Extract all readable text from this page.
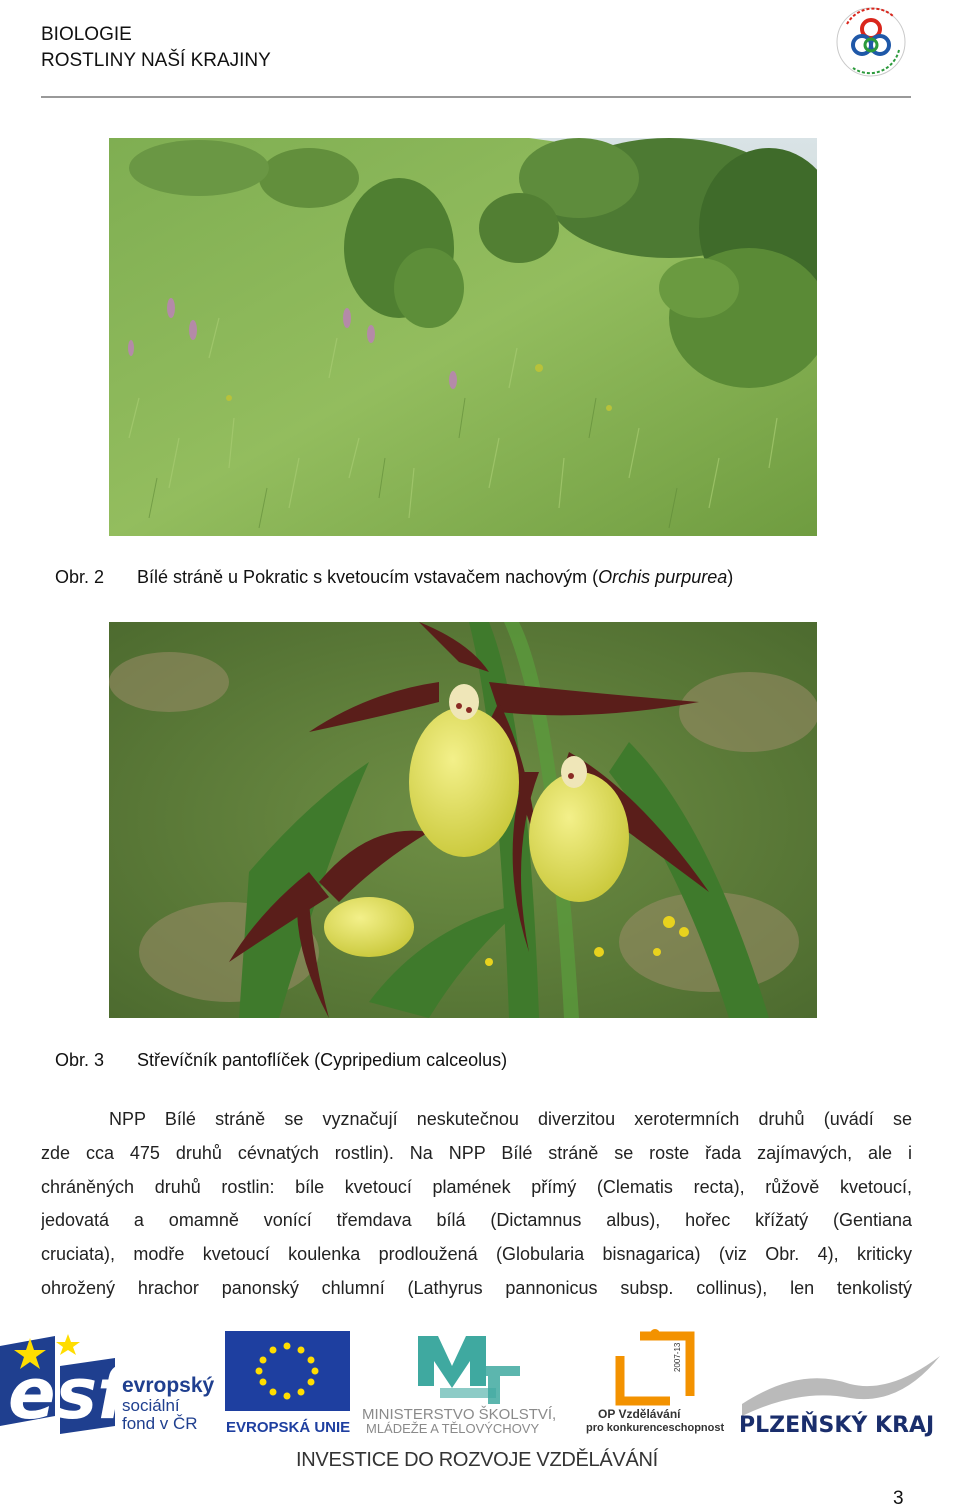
BIOLOGIE
ROSTLINY NAŠÍ KRAJINY
Obr. 2 Bílé stráně u Pokratic s kvetoucím vstavačem nachovým (Orchis purpurea)
Obr. 3 Střevíčník pantoflíček (Cypripedium calceolus)
NPP Bílé stráně se vyznačují neskutečnou diverzitou xerotermních druhů (uvádí se
zde cca 475 druhů cévnatých rostlin). Na NPP Bílé stráně se roste řada zajímavých, ale i
chráněných druhů rostlin: bíle kvetoucí plamének přímý (Clematis recta), růžově kvetoucí,
jedovatá a omamně vonící třemdava bílá (Dictamnus albus), hořec křížatý (Gentiana
cruciata), modře kvetoucí koulenka prodloužená (Globularia bisnagarica) (viz Obr. 4), kriticky
ohrožený hrachor panonský chlumní (Lathyrus pannonicus subsp. collinus), len tenkolistý
esf
evropský
sociální
fond v ČR EVROPSKÁ UNIE
MINISTERSTVO ŠKOLSTVÍ,
MLÁDEŽE A TĚLOVÝCHOVY
2007-13
OP Vzdělávání
pro konkurenceschopnost PLZEŇSKÝ KRAJ
INVESTICE DO ROZVOJE VZDĚLÁVÁNÍ
3
